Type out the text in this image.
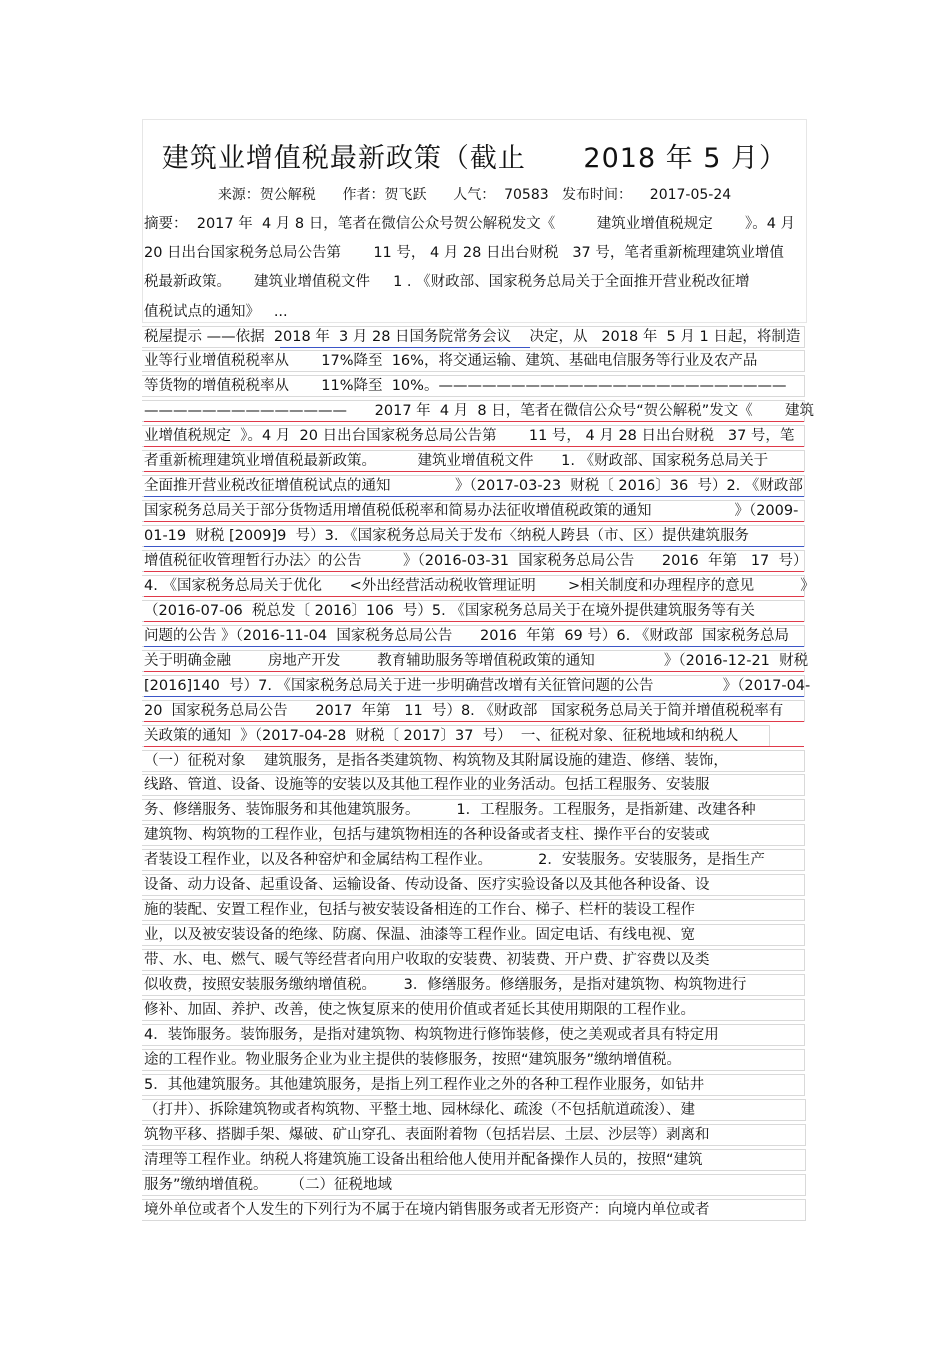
建筑业增值税最新政策（截止      2018 年 5 月）
来源：贺公解税      作者：贺飞跃      人气：  70583   发布时间：    2017-05-24
摘要：  2017 年  4 月 8 日，笔者在微信公众号贺公解税发文《         建筑业增值税规定       》。4 月
20 日出台国家税务总局公告第       11 号， 4 月 28 日出台财税   37 号，笔者重新梳理建筑业增值
税最新政策。     建筑业增值税文件     1 . 《财政部、国家税务总局关于全面推开营业税改征增
值税试点的通知》   ...
税屋提示 ——依据  2018 年  3 月 28 日国务院常务会议    决定，从   2018 年  5 月 1 日起，将制造
业等行业增值税税率从       17%降至  16%，将交通运输、建筑、基础电信服务等行业及农产品
等货物的增值税税率从       11%降至  10%。————————————————————————
——————————————      2017 年  4 月  8 日，笔者在微信公众号“贺公解税”发文《       建筑
业增值税规定  》。4 月  20 日出台国家税务总局公告第       11 号， 4 月 28 日出台财税   37 号，笔
者重新梳理建筑业增值税最新政策。         建筑业增值税文件      1. 《财政部、国家税务总局关于
全面推开营业税改征增值税试点的通知              》（2017-03-23  财税〔 2016〕36  号）2. 《财政部
国家税务总局关于部分货物适用增值税低税率和简易办法征收增值税政策的通知                  》（2009-
01-19  财税 [2009]9  号）3. 《国家税务总局关于发布〈纳税人跨县（市、区）提供建筑服务
增值税征收管理暂行办法〉的公告         》（2016-03-31  国家税务总局公告      2016  年第   17  号）
4. 《国家税务总局关于优化      <外出经营活动税收管理证明       >相关制度和办理程序的意见          》
（2016-07-06  税总发〔 2016〕106  号）5. 《国家税务总局关于在境外提供建筑服务等有关
问题的公告 》（2016-11-04  国家税务总局公告      2016  年第  69 号）6. 《财政部  国家税务总局
关于明确金融        房地产开发        教育辅助服务等增值税政策的通知               》（2016-12-21  财税
[2016]140  号）7. 《国家税务总局关于进一步明确营改增有关征管问题的公告               》（2017-04-
20  国家税务总局公告      2017  年第   11  号）8. 《财政部   国家税务总局关于简并增值税税率有
关政策的通知  》（2017-04-28  财税〔 2017〕37  号）  一、征税对象、征税地域和纳税人
（一）征税对象    建筑服务，是指各类建筑物、构筑物及其附属设施的建造、修缮、装饰，
线路、管道、设备、设施等的安装以及其他工程作业的业务活动。包括工程服务、安装服
务、修缮服务、装饰服务和其他建筑服务。        1．工程服务。工程服务，是指新建、改建各种
建筑物、构筑物的工程作业，包括与建筑物相连的各种设备或者支柱、操作平台的安装或
者装设工程作业，以及各种窑炉和金属结构工程作业。          2．安装服务。安装服务，是指生产
设备、动力设备、起重设备、运输设备、传动设备、医疗实验设备以及其他各种设备、设
施的装配、安置工程作业，包括与被安装设备相连的工作台、梯子、栏杆的装设工程作
业，以及被安装设备的绝缘、防腐、保温、油漆等工程作业。固定电话、有线电视、宽
带、水、电、燃气、暖气等经营者向用户收取的安装费、初装费、开户费、扩容费以及类
似收费，按照安装服务缴纳增值税。      3．修缮服务。修缮服务，是指对建筑物、构筑物进行
修补、加固、养护、改善，使之恢复原来的使用价值或者延长其使用期限的工程作业。
4．装饰服务。装饰服务，是指对建筑物、构筑物进行修饰装修，使之美观或者具有特定用
途的工程作业。物业服务企业为业主提供的装修服务，按照“建筑服务”缴纳增值税。
5．其他建筑服务。其他建筑服务，是指上列工程作业之外的各种工程作业服务，如钻井
（打井）、拆除建筑物或者构筑物、平整土地、园林绿化、疏浚（不包括航道疏浚）、建
筑物平移、搭脚手架、爆破、矿山穿孔、表面附着物（包括岩层、土层、沙层等）剥离和
清理等工程作业。纳税人将建筑施工设备出租给他人使用并配备操作人员的，按照“建筑
服务”缴纳增值税。     （二）征税地域
境外单位或者个人发生的下列行为不属于在境内销售服务或者无形资产：向境内单位或者
